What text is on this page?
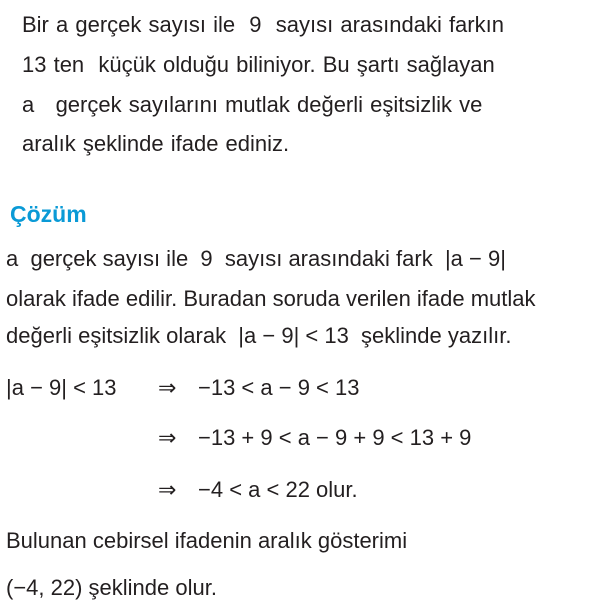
Bir a gerçek sayısı ile  9  sayısı arasındaki farkın
13 ten  küçük olduğu biliniyor. Bu şartı sağlayan
a   gerçek sayılarını mutlak değerli eşitsizlik ve
aralık şeklinde ifade ediniz.
Çözüm
a  gerçek sayısı ile  9  sayısı arasındaki fark  |a − 9|
olarak ifade edilir. Buradan soruda verilen ifade mutlak
değerli eşitsizlik olarak  |a − 9| < 13  şeklinde yazılır.
|a − 9| < 13 ⇒ −13 < a − 9 < 13
⇒ −13 + 9 < a − 9 + 9 < 13 + 9
⇒ −4 < a < 22 olur.
Bulunan cebirsel ifadenin aralık gösterimi
(−4, 22) şeklinde olur.
